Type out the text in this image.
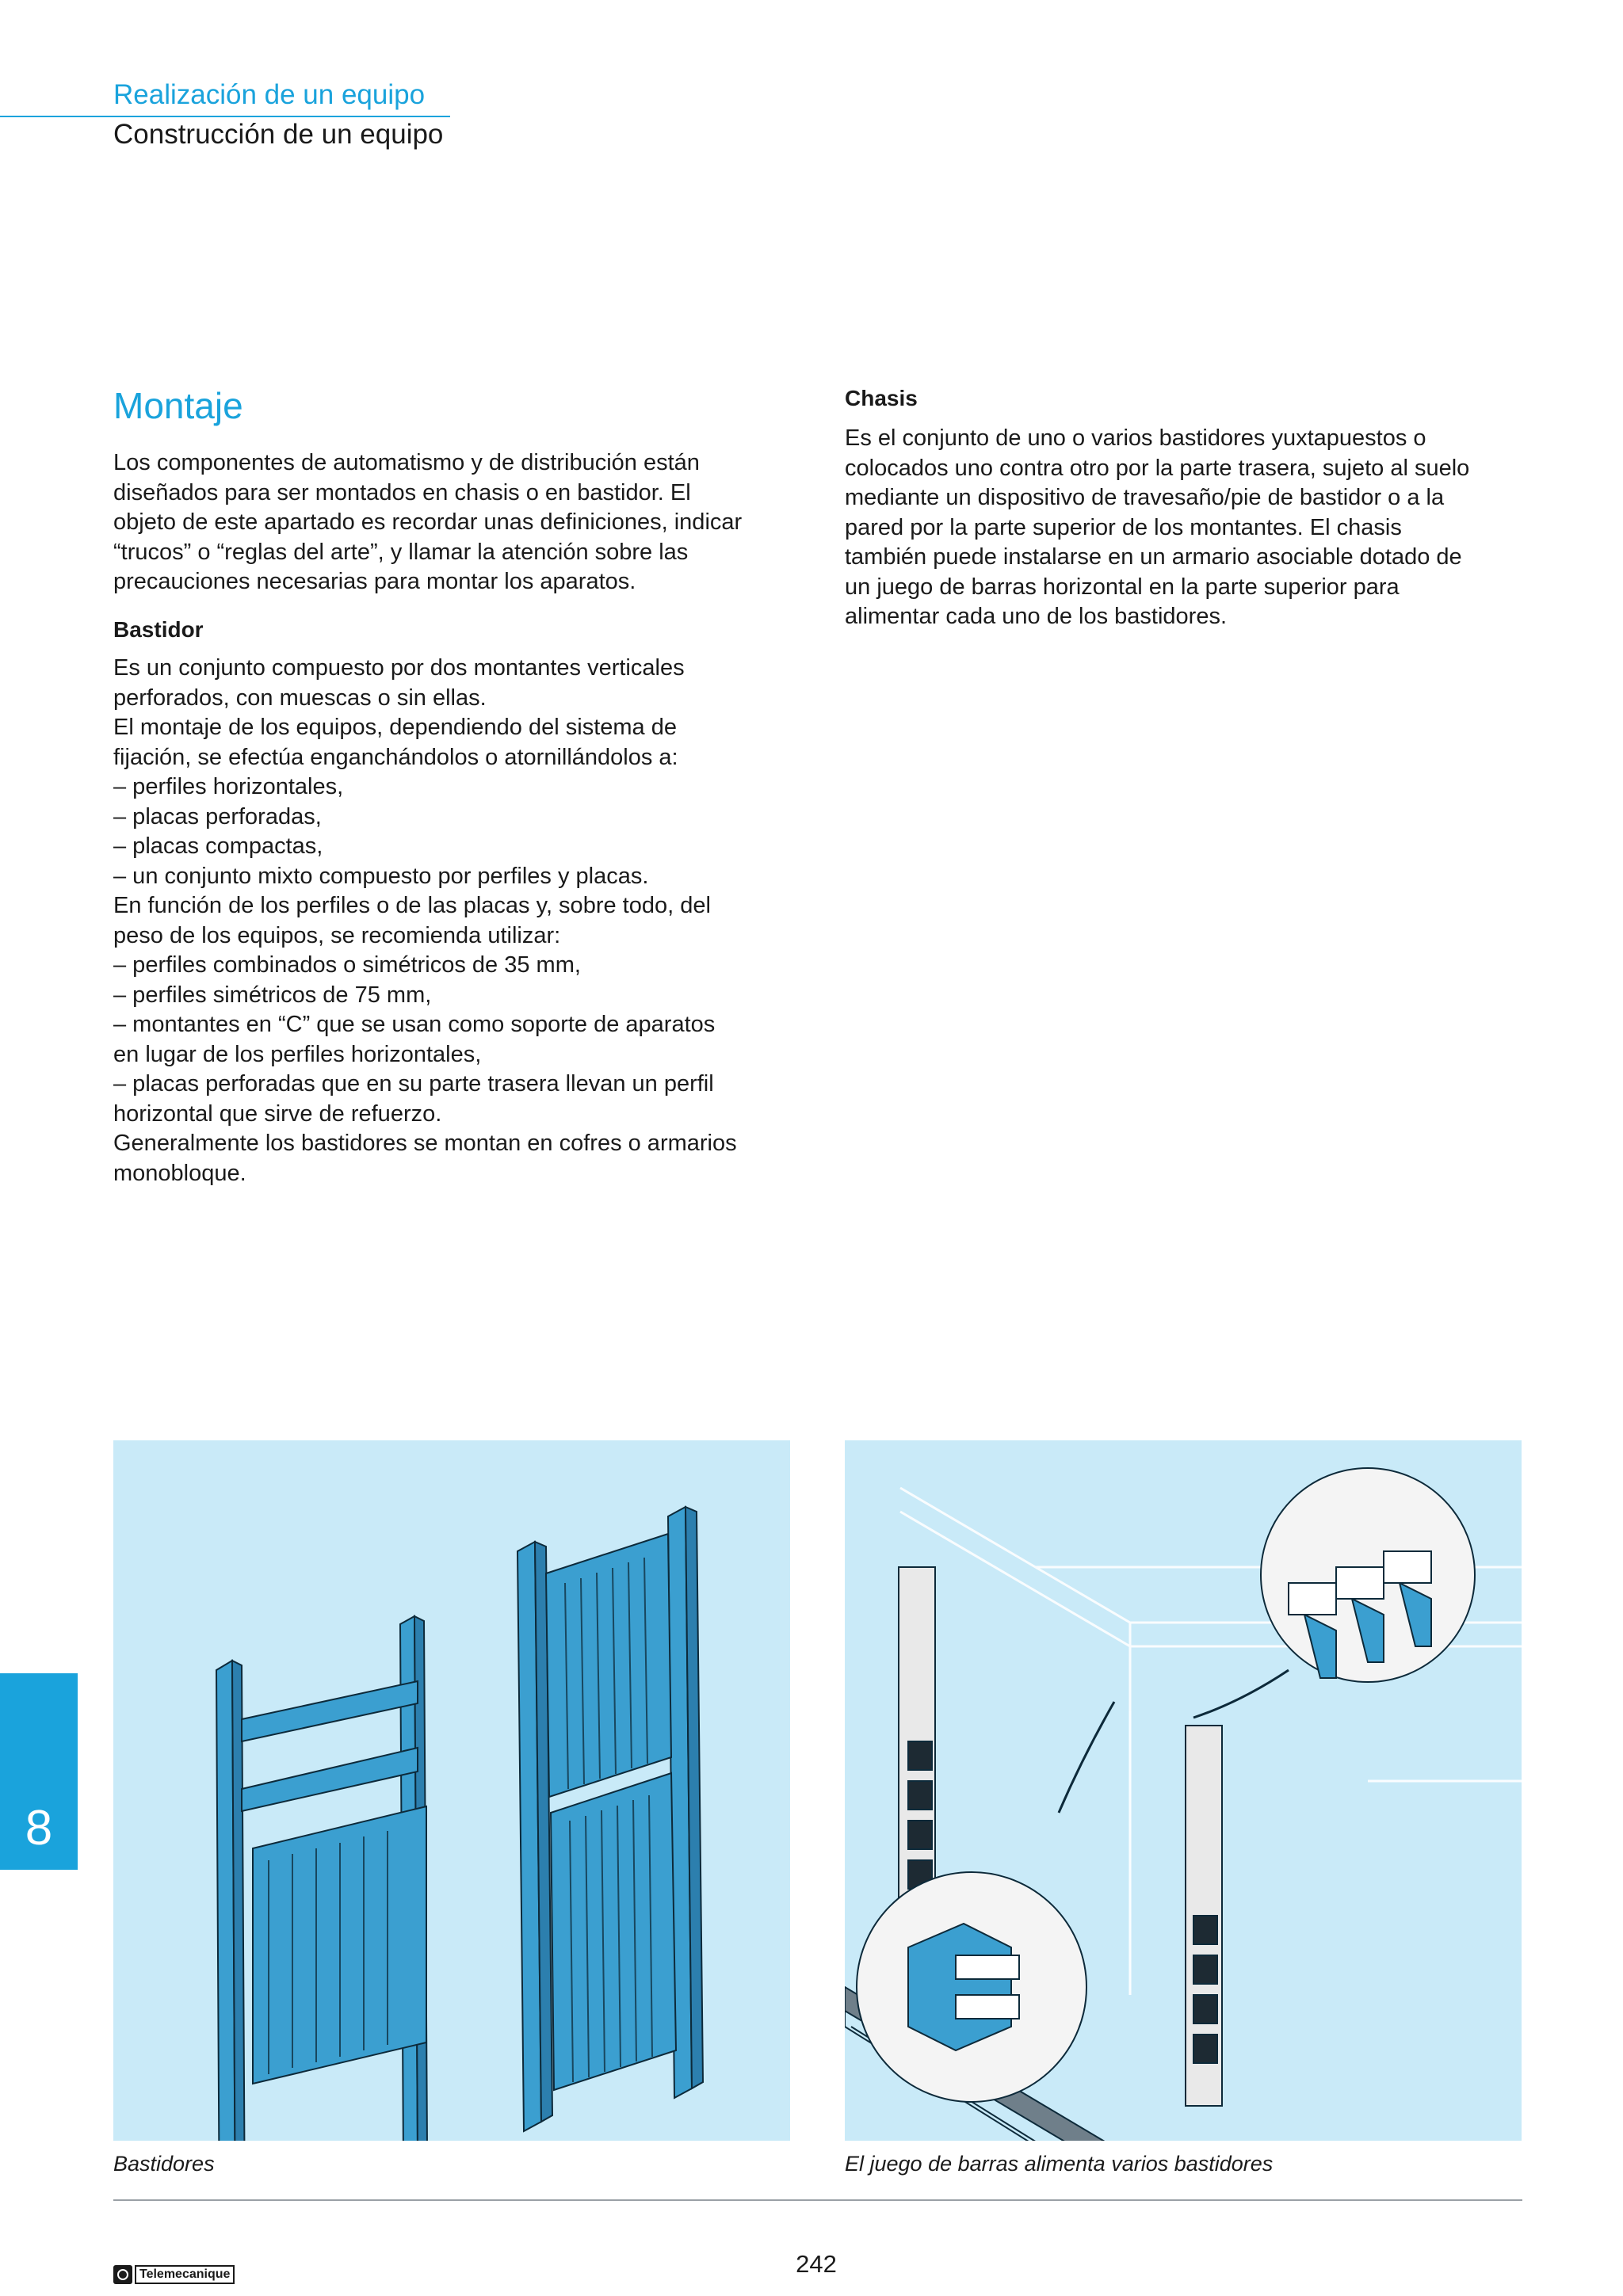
Realización de un equipo
Construcción de un equipo
Montaje
Los componentes de automatismo y de distribución están
diseñados para ser montados en chasis o en bastidor. El
objeto de este apartado es recordar unas definiciones, indicar
“trucos” o “reglas del arte”, y llamar la atención sobre las
precauciones necesarias para montar los aparatos.
Bastidor
Es un conjunto compuesto por dos montantes verticales
perforados, con muescas o sin ellas.
El montaje de los equipos, dependiendo del sistema de
fijación, se efectúa enganchándolos o atornillándolos a:
– perfiles horizontales,
– placas perforadas,
– placas compactas,
– un conjunto mixto compuesto por perfiles y placas.
En función de los perfiles o de las placas y, sobre todo, del
peso de los equipos, se recomienda utilizar:
– perfiles combinados o simétricos de 35 mm,
– perfiles simétricos de 75 mm,
– montantes en “C” que se usan como soporte de aparatos
en lugar de los perfiles horizontales,
– placas perforadas que en su parte trasera llevan un perfil
horizontal que sirve de refuerzo.
Generalmente los bastidores se montan en cofres o armarios
monobloque.
Chasis
Es el conjunto de uno o varios bastidores yuxtapuestos o
colocados uno contra otro por la parte trasera, sujeto al suelo
mediante un dispositivo de travesaño/pie de bastidor o a la
pared por la parte superior de los montantes. El chasis
también puede instalarse en un armario asociable dotado de
un juego de barras horizontal en la parte superior para
alimentar cada uno de los bastidores.
Bastidores	El juego de barras alimenta varios bastidores
8
Telemecanique	242
